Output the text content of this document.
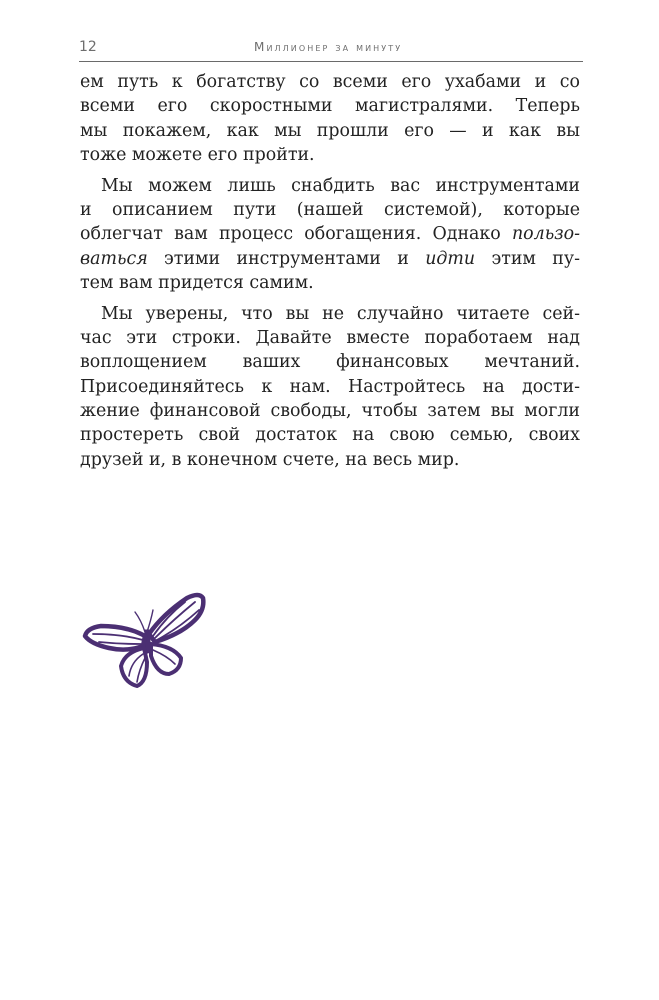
12	Миллионер за минуту
ем путь к богатству со всеми его ухабами и со
всеми его скоростными магистралями. Теперь
мы покажем, как мы прошли его — и как вы
тоже можете его пройти.
Мы можем лишь снабдить вас инструментами
и описанием пути (нашей системой), которые
облегчат вам процесс обогащения. Однако пользо-
ваться этими инструментами и идти этим пу-
тем вам придется самим.
Мы уверены, что вы не случайно читаете сей-
час эти строки. Давайте вместе поработаем над
воплощением ваших финансовых мечтаний.
Присоединяйтесь к нам. Настройтесь на дости-
жение финансовой свободы, чтобы затем вы могли
простереть свой достаток на свою семью, своих
друзей и, в конечном счете, на весь мир.
